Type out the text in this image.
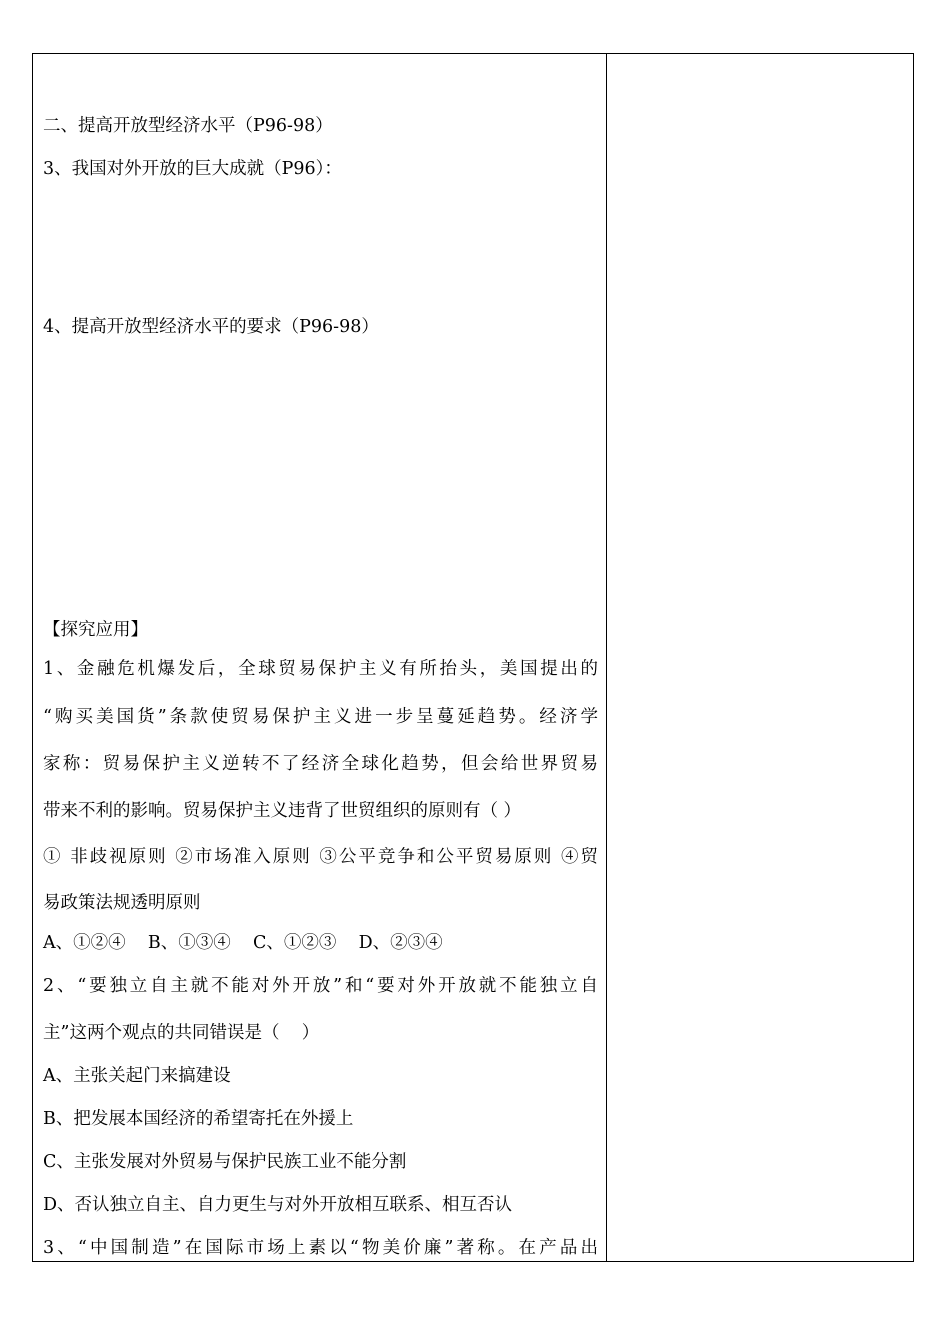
二、提高开放型经济水平（P96-98）
3、我国对外开放的巨大成就（P96）：
4、提高开放型经济水平的要求（P96-98）
【探究应用】
1、金融危机爆发后，全球贸易保护主义有所抬头，美国提出的
“购买美国货”条款使贸易保护主义进一步呈蔓延趋势。经济学
家称：贸易保护主义逆转不了经济全球化趋势，但会给世界贸易
带来不利的影响。贸易保护主义违背了世贸组织的原则有（ ）
① 非歧视原则 ②市场准入原则 ③公平竞争和公平贸易原则 ④贸
易政策法规透明原则
A、①②④    B、①③④    C、①②③    D、②③④
2、“要独立自主就不能对外开放”和“要对外开放就不能独立自
主”这两个观点的共同错误是（    ）
A、主张关起门来搞建设
B、把发展本国经济的希望寄托在外援上
C、主张发展对外贸易与保护民族工业不能分割
D、否认独立自主、自力更生与对外开放相互联系、相互否认
3、“中国制造”在国际市场上素以“物美价廉”著称。在产品出
